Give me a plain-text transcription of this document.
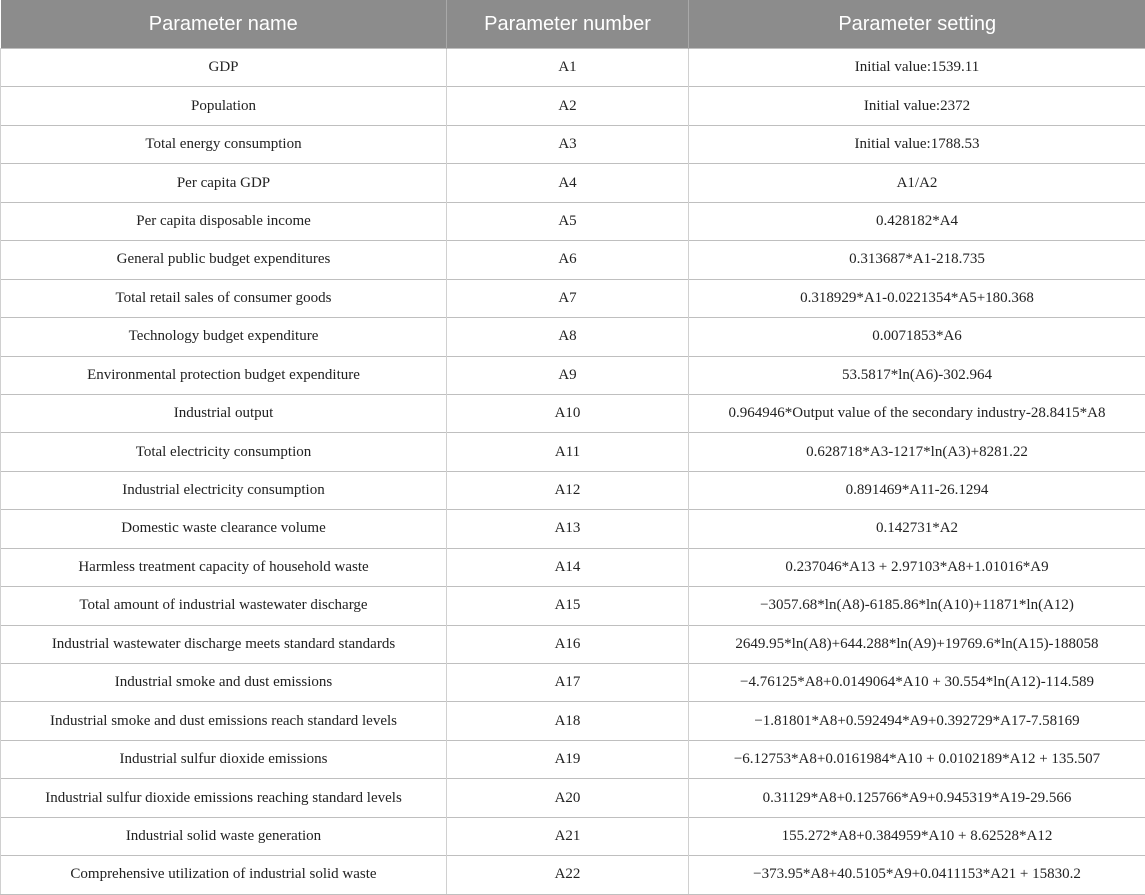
Parameter name	Parameter number	Parameter setting
GDP	A1	Initial value:1539.11
Population	A2	Initial value:2372
Total energy consumption	A3	Initial value:1788.53
Per capita GDP	A4	A1/A2
Per capita disposable income	A5	0.428182*A4
General public budget expenditures	A6	0.313687*A1-218.735
Total retail sales of consumer goods	A7	0.318929*A1-0.0221354*A5+180.368
Technology budget expenditure	A8	0.0071853*A6
Environmental protection budget expenditure	A9	53.5817*ln(A6)-302.964
Industrial output	A10	0.964946*Output value of the secondary industry-28.8415*A8
Total electricity consumption	A11	0.628718*A3-1217*ln(A3)+8281.22
Industrial electricity consumption	A12	0.891469*A11-26.1294
Domestic waste clearance volume	A13	0.142731*A2
Harmless treatment capacity of household waste	A14	0.237046*A13 + 2.97103*A8+1.01016*A9
Total amount of industrial wastewater discharge	A15	−3057.68*ln(A8)-6185.86*ln(A10)+11871*ln(A12)
Industrial wastewater discharge meets standard standards	A16	2649.95*ln(A8)+644.288*ln(A9)+19769.6*ln(A15)-188058
Industrial smoke and dust emissions	A17	−4.76125*A8+0.0149064*A10 + 30.554*ln(A12)-114.589
Industrial smoke and dust emissions reach standard levels	A18	−1.81801*A8+0.592494*A9+0.392729*A17-7.58169
Industrial sulfur dioxide emissions	A19	−6.12753*A8+0.0161984*A10 + 0.0102189*A12 + 135.507
Industrial sulfur dioxide emissions reaching standard levels	A20	0.31129*A8+0.125766*A9+0.945319*A19-29.566
Industrial solid waste generation	A21	155.272*A8+0.384959*A10 + 8.62528*A12
Comprehensive utilization of industrial solid waste	A22	−373.95*A8+40.5105*A9+0.0411153*A21 + 15830.2
